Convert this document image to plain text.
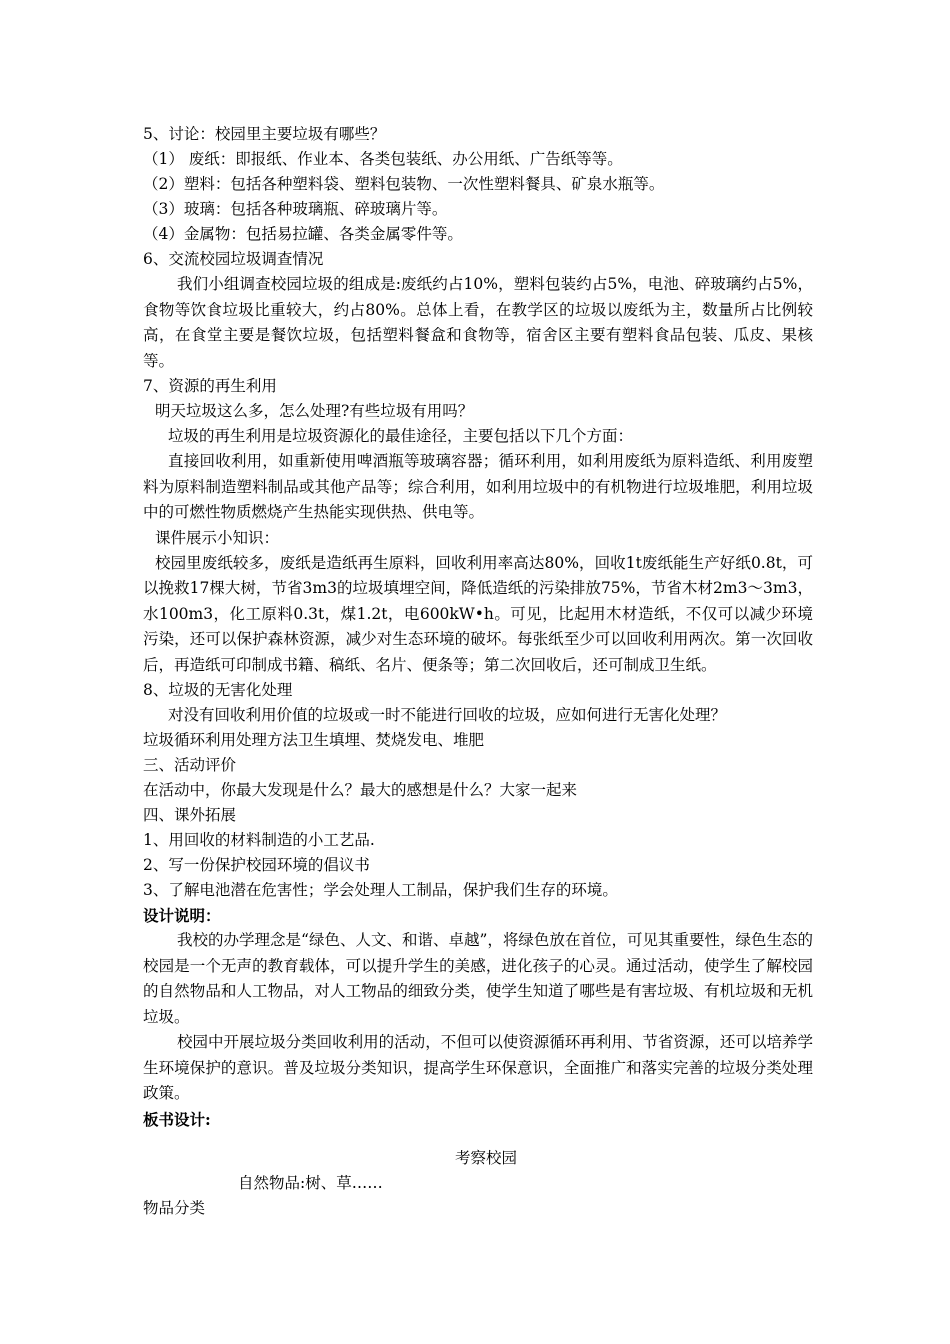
5、讨论：校园里主要垃圾有哪些？
（1） 废纸：即报纸、作业本、各类包装纸、办公用纸、广告纸等等。
（2）塑料：包括各种塑料袋、塑料包装物、一次性塑料餐具、矿泉水瓶等。
（3）玻璃：包括各种玻璃瓶、碎玻璃片等。
（4）金属物：包括易拉罐、各类金属零件等。
6、交流校园垃圾调查情况
我们小组调查校园垃圾的组成是:废纸约占10%，塑料包装约占5%，电池、碎玻璃约占5%，食物等饮食垃圾比重较大，约占80%。总体上看，在教学区的垃圾以废纸为主，数量所占比例较高，在食堂主要是餐饮垃圾，包括塑料餐盒和食物等，宿舍区主要有塑料食品包装、瓜皮、果核等。
7、资源的再生利用
明天垃圾这么多，怎么处理?有些垃圾有用吗？
垃圾的再生利用是垃圾资源化的最佳途径，主要包括以下几个方面：
直接回收利用，如重新使用啤酒瓶等玻璃容器；循环利用，如利用废纸为原料造纸、利用废塑料为原料制造塑料制品或其他产品等；综合利用，如利用垃圾中的有机物进行垃圾堆肥，利用垃圾中的可燃性物质燃烧产生热能实现供热、供电等。
课件展示小知识：
校园里废纸较多，废纸是造纸再生原料，回收利用率高达80%，回收1t废纸能生产好纸0.8t，可以挽救17棵大树，节省3m3的垃圾填埋空间，降低造纸的污染排放75%，节省木材2m3～3m3，水100m3，化工原料0.3t，煤1.2t，电600kW•h。可见，比起用木材造纸，不仅可以减少环境污染，还可以保护森林资源，减少对生态环境的破坏。每张纸至少可以回收利用两次。第一次回收后，再造纸可印制成书籍、稿纸、名片、便条等；第二次回收后，还可制成卫生纸。
8、垃圾的无害化处理
对没有回收利用价值的垃圾或一时不能进行回收的垃圾，应如何进行无害化处理？
垃圾循环利用处理方法卫生填埋、焚烧发电、堆肥
三、活动评价
在活动中，你最大发现是什么？最大的感想是什么？大家一起来
四、课外拓展
1、用回收的材料制造的小工艺品.
2、写一份保护校园环境的倡议书
3、了解电池潜在危害性；学会处理人工制品，保护我们生存的环境。
设计说明：
我校的办学理念是“绿色、人文、和谐、卓越”，将绿色放在首位，可见其重要性，绿色生态的校园是一个无声的教育载体，可以提升学生的美感，进化孩子的心灵。通过活动，使学生了解校园的自然物品和人工物品，对人工物品的细致分类，使学生知道了哪些是有害垃圾、有机垃圾和无机垃圾。
校园中开展垃圾分类回收利用的活动，不但可以使资源循环再利用、节省资源，还可以培养学生环境保护的意识。普及垃圾分类知识，提高学生环保意识，全面推广和落实完善的垃圾分类处理政策。
板书设计:
考察校园
自然物品:树、草……
物品分类
